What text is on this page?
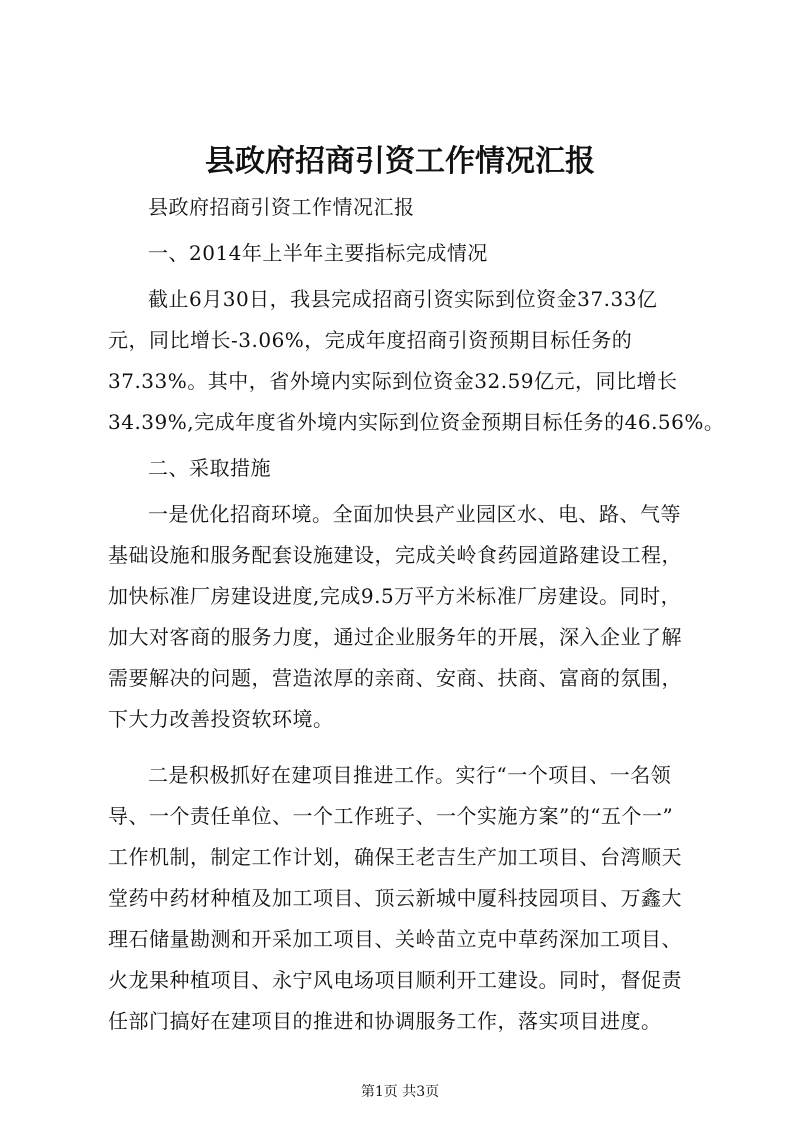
县政府招商引资工作情况汇报

县政府招商引资工作情况汇报

一、2014年上半年主要指标完成情况

截止6月30日，我县完成招商引资实际到位资金37.33亿
元，同比增长-3.06%，完成年度招商引资预期目标任务的
37.33%。其中，省外境内实际到位资金32.59亿元，同比增长
34.39%,完成年度省外境内实际到位资金预期目标任务的46.56%。

二、采取措施

一是优化招商环境。全面加快县产业园区水、电、路、气等
基础设施和服务配套设施建设，完成关岭食药园道路建设工程，
加快标准厂房建设进度,完成9.5万平方米标准厂房建设。同时，
加大对客商的服务力度，通过企业服务年的开展，深入企业了解
需要解决的问题，营造浓厚的亲商、安商、扶商、富商的氛围，
下大力改善投资软环境。
二是积极抓好在建项目推进工作。实行“一个项目、一名领
导、一个责任单位、一个工作班子、一个实施方案”的“五个一”
工作机制，制定工作计划，确保王老吉生产加工项目、台湾顺天
堂药中药材种植及加工项目、顶云新城中厦科技园项目、万鑫大
理石储量勘测和开采加工项目、关岭苗立克中草药深加工项目、
火龙果种植项目、永宁风电场项目顺利开工建设。同时，督促责
任部门搞好在建项目的推进和协调服务工作，落实项目进度。
第1页 共3页
